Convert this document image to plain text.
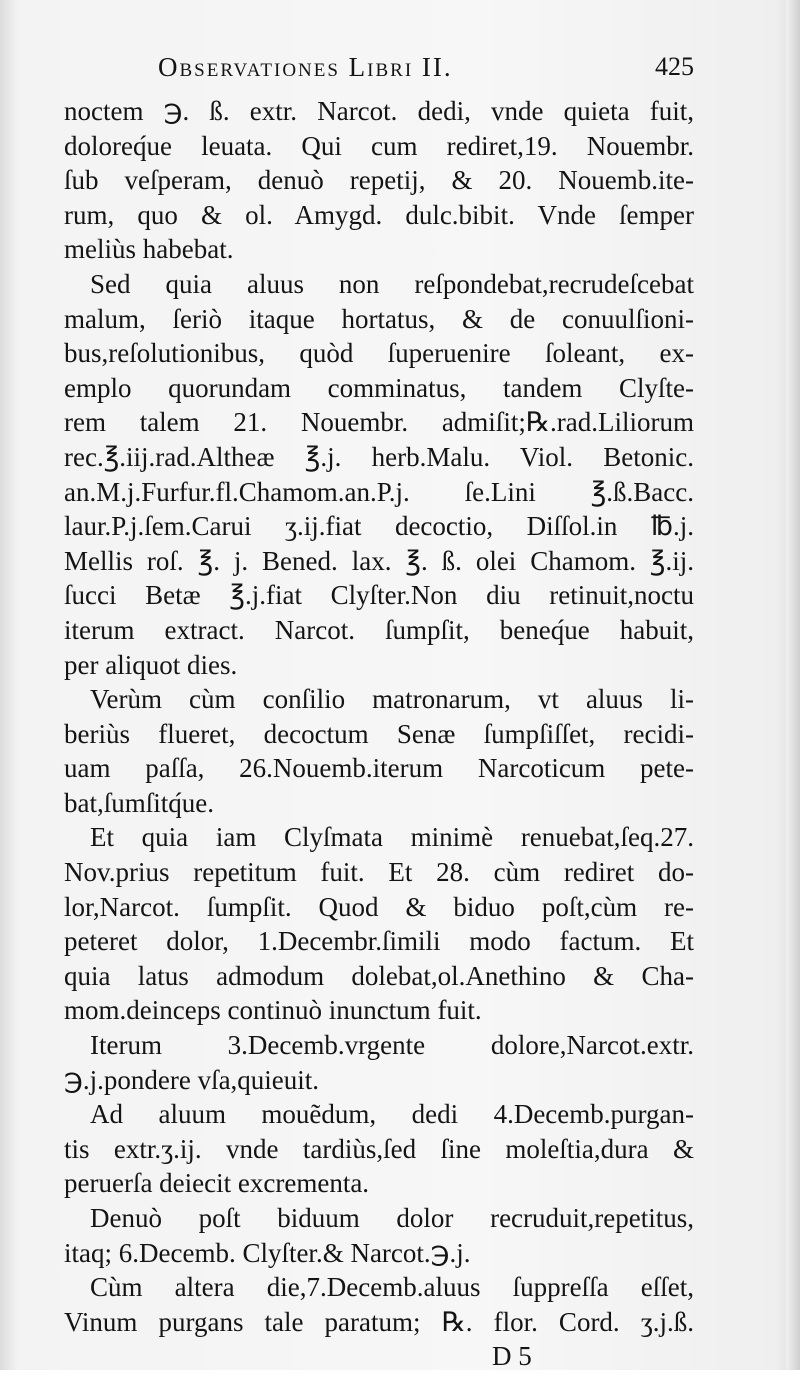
Observationes Libri II.	425
noctem ℈. ß. extr. Narcot. dedi, vnde quieta fuit,
doloreq́ue leuata. Qui cum rediret,19. Nouembr.
ſub veſperam, denuò repetij, & 20. Nouemb.ite-
rum, quo & ol. Amygd. dulc.bibit. Vnde ſemper
meliùs habebat.
Sed quia aluus non reſpondebat,recrudeſcebat
malum, ſeriò itaque hortatus, & de conuulſioni-
bus,reſolutionibus, quòd ſuperuenire ſoleant, ex-
emplo quorundam comminatus, tandem Clyſte-
rem talem 21. Nouembr. admiſit;℞.rad.Liliorum
rec.℥.iij.rad.Altheæ ℥.j. herb.Malu. Viol. Betonic.
an.M.j.Furfur.fl.Chamom.an.P.j. ſe.Lini ℥.ß.Bacc.
laur.P.j.ſem.Carui ʒ.ij.fiat decoctio, Diſſol.in ℔.j.
Mellis roſ. ℥. j. Bened. lax. ℥. ß. olei Chamom. ℥.ij.
ſucci Betæ ℥.j.fiat Clyſter.Non diu retinuit,noctu
iterum extract. Narcot. ſumpſit, beneq́ue habuit,
per aliquot dies.
Verùm cùm conſilio matronarum, vt aluus li-
beriùs flueret, decoctum Senæ ſumpſiſſet, recidi-
uam paſſa, 26.Nouemb.iterum Narcoticum pete-
bat,ſumſitq́ue.
Et quia iam Clyſmata minimè renuebat,ſeq.27.
Nov.prius repetitum fuit. Et 28. cùm rediret do-
lor,Narcot. ſumpſit. Quod & biduo poſt,cùm re-
peteret dolor, 1.Decembr.ſimili modo factum. Et
quia latus admodum dolebat,ol.Anethino & Cha-
mom.deinceps continuò inunctum fuit.
Iterum 3.Decemb.vrgente dolore,Narcot.extr.
℈.j.pondere vſa,quieuit.
Ad aluum mouẽdum, dedi 4.Decemb.purgan-
tis extr.ʒ.ij. vnde tardiùs,ſed ſine moleſtia,dura &
peruerſa deiecit excrementa.
Denuò poſt biduum dolor recruduit,repetitus,
itaq; 6.Decemb. Clyſter.& Narcot.℈.j.
Cùm altera die,7.Decemb.aluus ſuppreſſa eſſet,
Vinum purgans tale paratum; ℞. flor. Cord. ʒ.j.ß.
D 5
